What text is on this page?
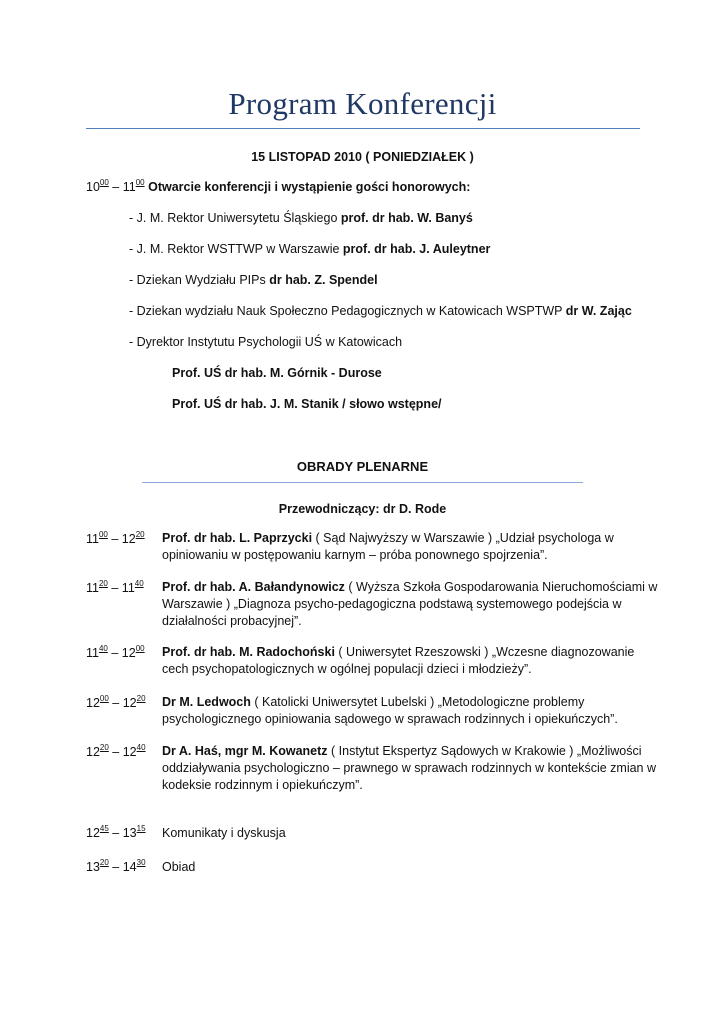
Program Konferencji
15 LISTOPAD 2010 ( PONIEDZIAŁEK )
$10^{00} - 11^{00}$ Otwarcie konferencji i wystąpienie gości honorowych:
- J. M. Rektor Uniwersytetu Śląskiego prof. dr hab. W. Banyś
- J. M. Rektor WSTTWP w Warszawie prof. dr hab. J. Auleytner
- Dziekan Wydziału PIPs dr hab. Z. Spendel
- Dziekan wydziału Nauk Społeczno Pedagogicznych w Katowicach WSPTWP dr W. Zając
- Dyrektor Instytutu Psychologii UŚ w Katowicach
Prof. UŚ dr hab. M. Górnik - Durose
Prof. UŚ dr hab. J. M. Stanik / słowo wstępne/
OBRADY PLENARNE
Przewodniczący: dr D. Rode
$11^{00} - 12^{20}$ Prof. dr hab. L. Paprzycki ( Sąd Najwyższy w Warszawie ) „Udział psychologa w opiniowaniu w postępowaniu karnym – próba ponownego spojrzenia”.
$11^{20} - 11^{40}$ Prof. dr hab. A. Bałandynowicz ( Wyższa Szkoła Gospodarowania Nieruchomościami w Warszawie ) „Diagnoza psycho-pedagogiczna podstawą systemowego podejścia w działalności probacyjnej”.
$11^{40} - 12^{00}$ Prof. dr hab. M. Radochoński ( Uniwersytet Rzeszowski ) „Wczesne diagnozowanie cech psychopatologicznych w ogólnej populacji dzieci i młodzieży”.
$12^{00} - 12^{20}$ Dr M. Ledwoch ( Katolicki Uniwersytet Lubelski ) „Metodologiczne problemy psychologicznego opiniowania sądowego w sprawach rodzinnych i opiekuńczych”.
$12^{20} - 12^{40}$ Dr A. Haś, mgr M. Kowanetz ( Instytut Ekspertyz Sądowych w Krakowie ) „Możliwości oddziaływania psychologiczno – prawnego w sprawach rodzinnych w kontekście zmian w kodeksie rodzinnym i opiekuńczym”.
$12^{45} - 13^{15}$ Komunikaty i dyskusja
$13^{20} - 14^{30}$ Obiad
